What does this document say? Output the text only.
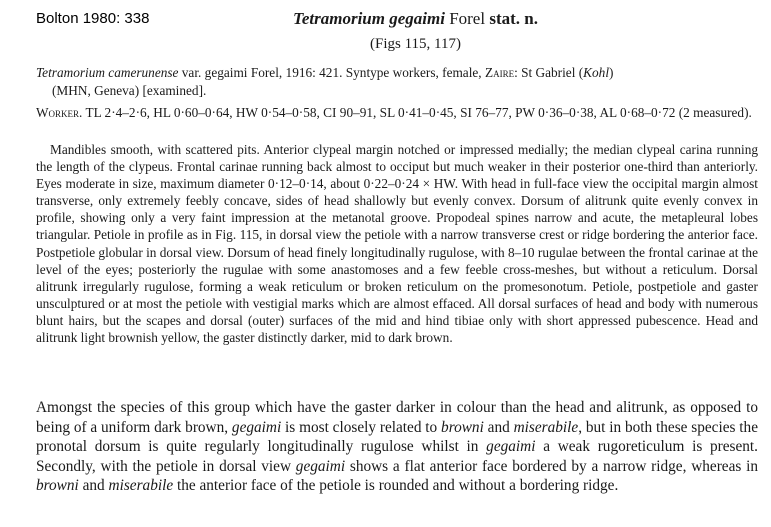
Bolton 1980: 338	Tetramorium gegaimi Forel stat. n.
(Figs 115, 117)
Tetramorium camerunense var. gegaimi Forel, 1916: 421. Syntype workers, female, Zaire: St Gabriel (Kohl)
(MHN, Geneva) [examined].
Worker. TL 2·4–2·6, HL 0·60–0·64, HW 0·54–0·58, CI 90–91, SL 0·41–0·45, SI 76–77, PW 0·36–0·38, AL 0·68–0·72 (2 measured).
Mandibles smooth, with scattered pits. Anterior clypeal margin notched or impressed medially; the median clypeal carina running the length of the clypeus. Frontal carinae running back almost to occiput but much weaker in their posterior one-third than anteriorly. Eyes moderate in size, maximum diameter 0·12–0·14, about 0·22–0·24 × HW. With head in full-face view the occipital margin almost transverse, only extremely feebly concave, sides of head shallowly but evenly convex. Dorsum of alitrunk quite evenly convex in profile, showing only a very faint impression at the metanotal groove. Propodeal spines narrow and acute, the metapleural lobes triangular. Petiole in profile as in Fig. 115, in dorsal view the petiole with a narrow transverse crest or ridge bordering the anterior face. Postpetiole globular in dorsal view. Dorsum of head finely longitudinally rugulose, with 8–10 rugulae between the frontal carinae at the level of the eyes; posteriorly the rugulae with some anastomoses and a few feeble cross-meshes, but without a reticulum. Dorsal alitrunk irregularly rugulose, forming a weak reticulum or broken reticulum on the promesonotum. Petiole, postpetiole and gaster unsculptured or at most the petiole with vestigial marks which are almost effaced. All dorsal surfaces of head and body with numerous blunt hairs, but the scapes and dorsal (outer) surfaces of the mid and hind tibiae only with short appressed pubescence. Head and alitrunk light brownish yellow, the gaster distinctly darker, mid to dark brown.
Amongst the species of this group which have the gaster darker in colour than the head and alitrunk, as opposed to being of a uniform dark brown, gegaimi is most closely related to browni and miserabile, but in both these species the pronotal dorsum is quite regularly longitudinally rugulose whilst in gegaimi a weak rugoreticulum is present. Secondly, with the petiole in dorsal view gegaimi shows a flat anterior face bordered by a narrow ridge, whereas in browni and miserabile the anterior face of the petiole is rounded and without a bordering ridge.
